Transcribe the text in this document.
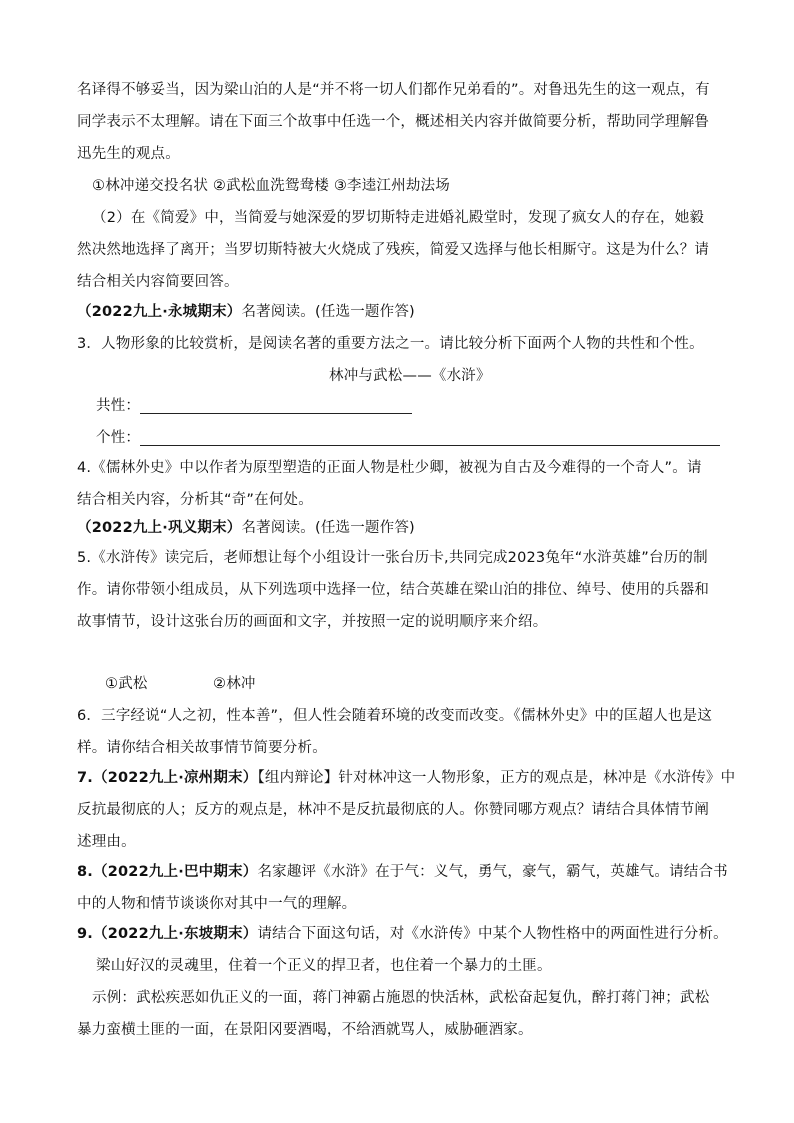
名译得不够妥当，因为梁山泊的人是“并不将一切人们都作兄弟看的”。对鲁迅先生的这一观点，有
同学表示不太理解。请在下面三个故事中任选一个，概述相关内容并做简要分析，帮助同学理解鲁
迅先生的观点。
①林冲递交投名状 ②武松血洗鸳鸯楼 ③李逵江州劫法场
（2）在《简爱》中，当简爱与她深爱的罗切斯特走进婚礼殿堂时，发现了疯女人的存在，她毅
然决然地选择了离开；当罗切斯特被大火烧成了残疾，简爱又选择与他长相厮守。这是为什么？请
结合相关内容简要回答。
（2022九上·永城期末）名著阅读。(任选一题作答)
3．人物形象的比较赏析，是阅读名著的重要方法之一。请比较分析下面两个人物的共性和个性。
林冲与武松——《水浒》
共性：
个性：
4.《儒林外史》中以作者为原型塑造的正面人物是杜少卿，被视为自古及今难得的一个奇人”。请
结合相关内容，分析其“奇”在何处。
（2022九上·巩义期末）名著阅读。(任选一题作答)
5.《水浒传》读完后，老师想让每个小组设计一张台历卡,共同完成2023兔年“水浒英雄”台历的制
作。请你带领小组成员，从下列选项中选择一位，结合英雄在梁山泊的排位、绰号、使用的兵器和
故事情节，设计这张台历的画面和文字，并按照一定的说明顺序来介绍。
①武松	②林冲
6．三字经说“人之初，性本善”，但人性会随着环境的改变而改变。《儒林外史》中的匡超人也是这
样。请你结合相关故事情节简要分析。
7.（2022九上·凉州期末）【组内辩论】针对林冲这一人物形象，正方的观点是，林冲是《水浒传》中
反抗最彻底的人；反方的观点是，林冲不是反抗最彻底的人。你赞同哪方观点？请结合具体情节阐
述理由。
8.（2022九上·巴中期末）名家趣评《水浒》在于气：义气，勇气，豪气，霸气，英雄气。请结合书
中的人物和情节谈谈你对其中一气的理解。
9.（2022九上·东坡期末）请结合下面这句话，对《水浒传》中某个人物性格中的两面性进行分析。
梁山好汉的灵魂里，住着一个正义的捍卫者，也住着一个暴力的土匪。
示例：武松疾恶如仇正义的一面，蒋门神霸占施恩的快活林，武松奋起复仇，醉打蒋门神；武松
暴力蛮横土匪的一面，在景阳冈要酒喝，不给酒就骂人，威胁砸酒家。
